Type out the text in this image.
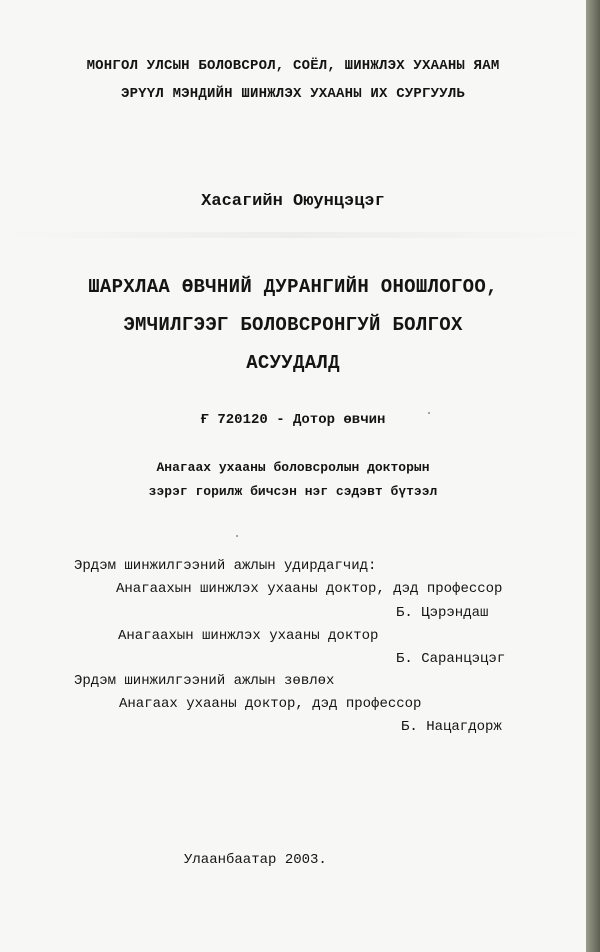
МОНГОЛ УЛСЫН БОЛОВСРОЛ, СОЁЛ, ШИНЖЛЭХ УХААНЫ ЯАМ
ЭРҮҮЛ МЭНДИЙН ШИНЖЛЭХ УХААНЫ ИХ СУРГУУЛЬ
Хасагийн Оюунцэцэг
ШАРХЛАА ӨВЧНИЙ ДУРАНГИЙН ОНОШЛОГОО,
ЭМЧИЛГЭЭГ БОЛОВСРОНГУЙ БОЛГОХ
АСУУДАЛД
Ғ 720120 - Дотор өвчин
Анагаах ухааны боловсролын докторын
зэрэг горилж бичсэн нэг сэдэвт бүтээл
Эрдэм шинжилгээний ажлын удирдагчид:
Анагаахын шинжлэх ухааны доктор, дэд профессор
Б. Цэрэндаш
Анагаахын шинжлэх ухааны доктор
Б. Саранцэцэг
Эрдэм шинжилгээний ажлын зөвлөх
Анагаах ухааны доктор, дэд профессор
Б. Нацагдорж
Улаанбаатар 2003.
